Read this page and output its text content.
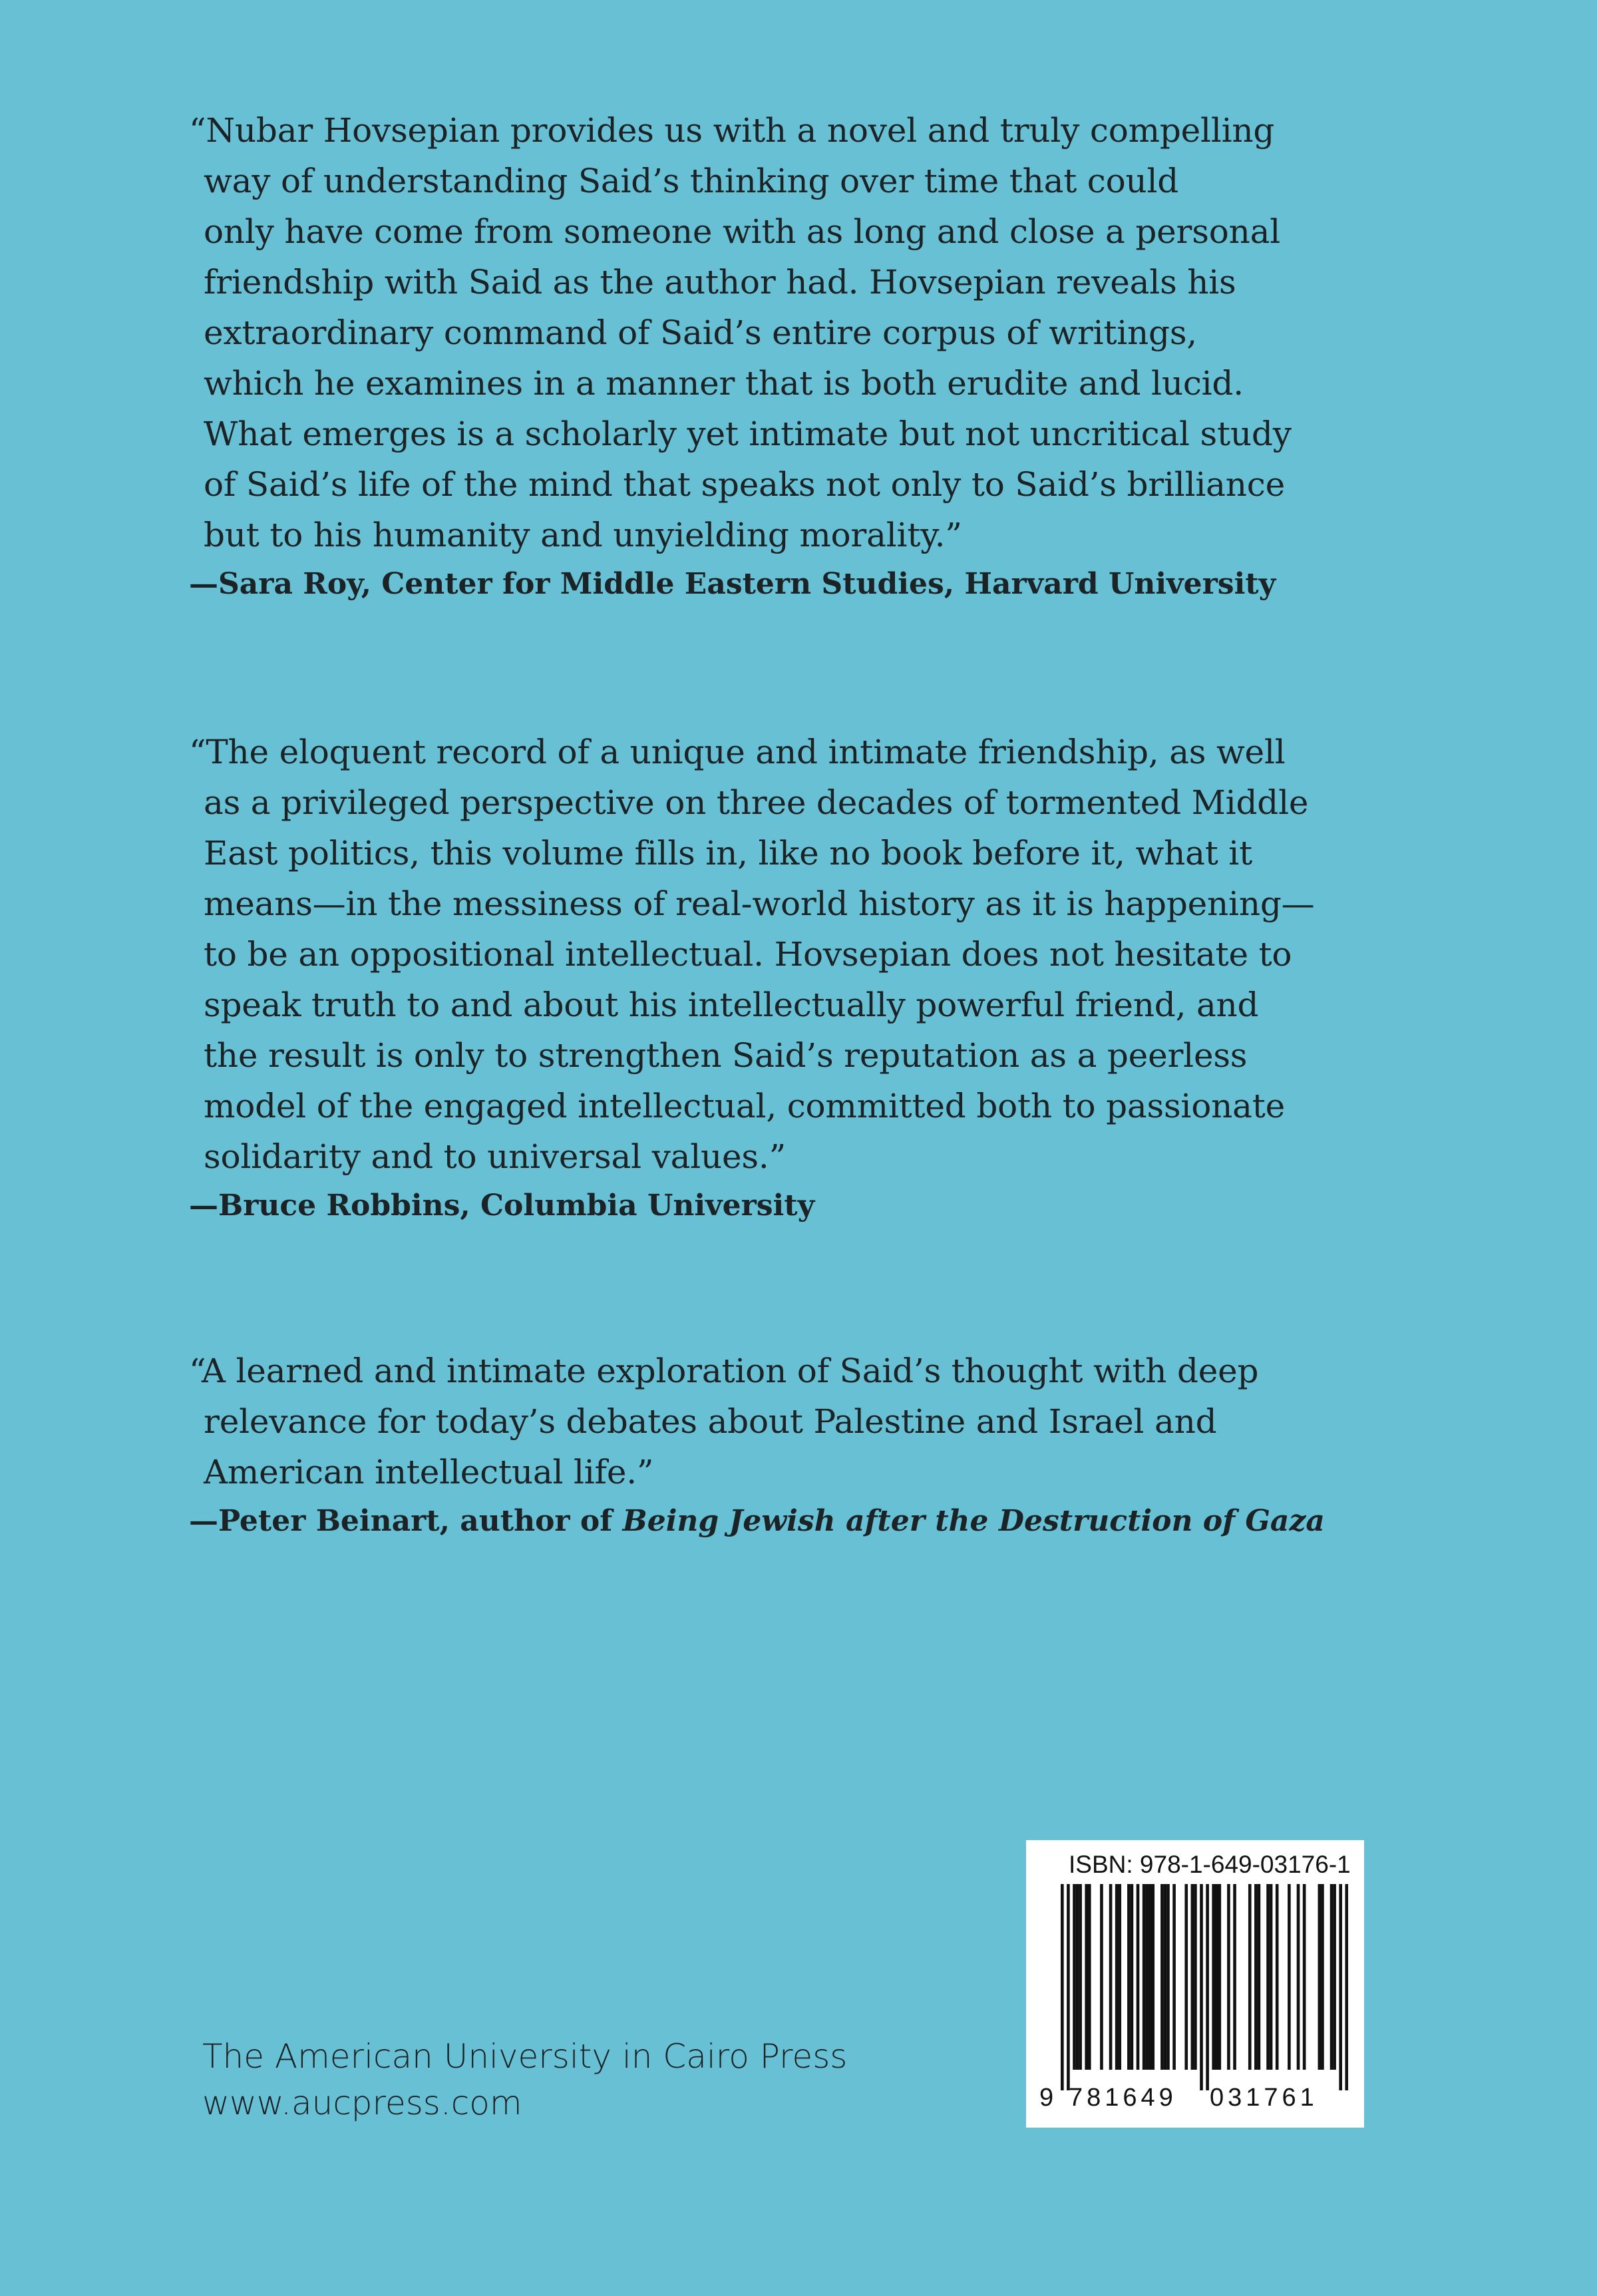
“Nubar Hovsepian provides us with a novel and truly compelling
way of understanding Said’s thinking over time that could
only have come from someone with as long and close a personal
friendship with Said as the author had. Hovsepian reveals his
extraordinary command of Said’s entire corpus of writings,
which he examines in a manner that is both erudite and lucid.
What emerges is a scholarly yet intimate but not uncritical study
of Said’s life of the mind that speaks not only to Said’s brilliance
but to his humanity and unyielding morality.”
—Sara Roy, Center for Middle Eastern Studies, Harvard University
“The eloquent record of a unique and intimate friendship, as well
as a privileged perspective on three decades of tormented Middle
East politics, this volume fills in, like no book before it, what it
means—in the messiness of real-world history as it is happening—
to be an oppositional intellectual. Hovsepian does not hesitate to
speak truth to and about his intellectually powerful friend, and
the result is only to strengthen Said’s reputation as a peerless
model of the engaged intellectual, committed both to passionate
solidarity and to universal values.”
—Bruce Robbins, Columbia University
“A learned and intimate exploration of Said’s thought with deep
relevance for today’s debates about Palestine and Israel and
American intellectual life.”
—Peter Beinart, author of Being Jewish after the Destruction of Gaza
The American University in Cairo Press
www.aucpress.com
ISBN: 978-1-649-03176-1
9 781649 031761
